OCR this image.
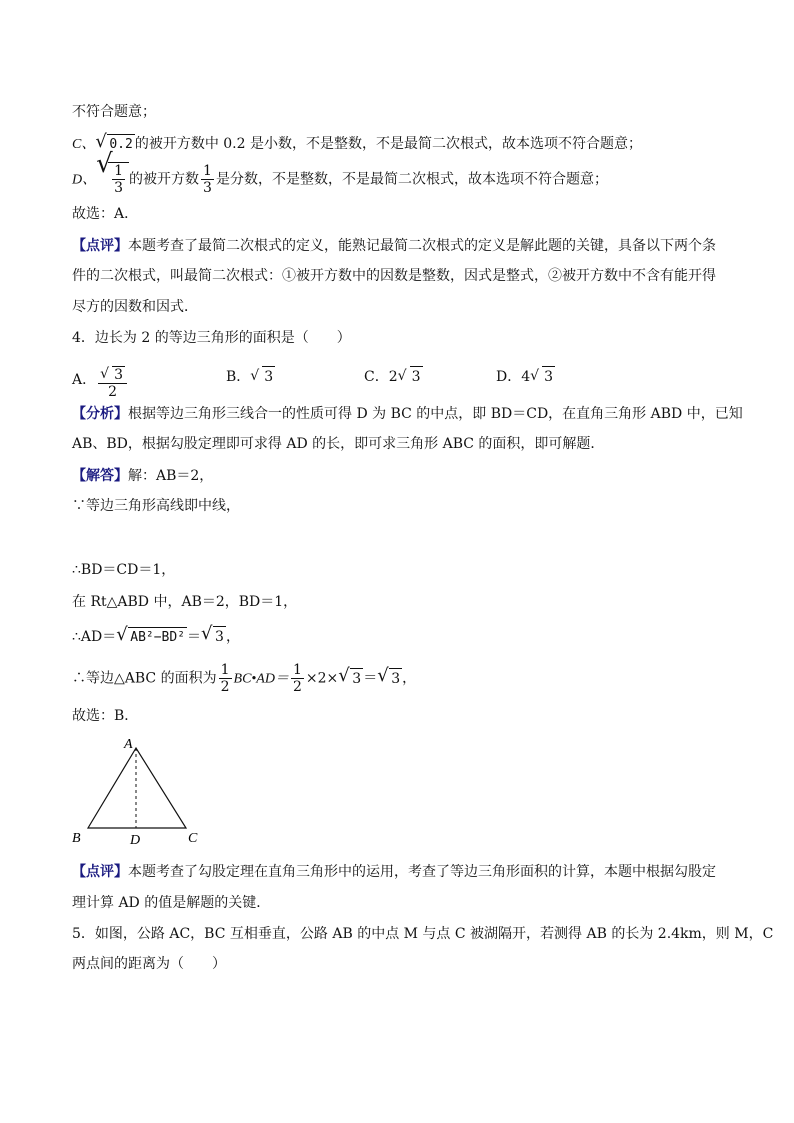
不符合题意；
C、 √ 0.2 的被开方数中 0.2 是小数，不是整数，不是最简二次根式，故本选项不符合题意；
D、
√ $\frac{1}{3}$ 的被开方数 $\frac{1}{3}$ 是分数，不是整数，不是最简二次根式，故本选项不符合题意；
故选：A．
【点评】本题考查了最简二次根式的定义，能熟记最简二次根式的定义是解此题的关键，具备以下两个条
件的二次根式，叫最简二次根式：①被开方数中的因数是整数，因式是整式，②被开方数中不含有能开得
尽方的因数和因式．
4．边长为 2 的等边三角形的面积是（　　）
A． $\frac{√ 3}{2}$	B． √ 3	C．2 √ 3	D．4 √ 3
【分析】根据等边三角形三线合一的性质可得 D 为 BC 的中点，即 BD＝CD，在直角三角形 ABD 中，已知
AB、BD，根据勾股定理即可求得 AD 的长，即可求三角形 ABC 的面积，即可解题．
【解答】解：AB＝2，
∵等边三角形高线即中线，
∴BD＝CD＝1，
在 Rt△ABD 中，AB＝2，BD＝1，
∴AD＝ √ AB²−BD² ＝ √ 3 ，
∴等边△ABC 的面积为 $\frac{1}{2}$ BC•AD＝ $\frac{1}{2} \times 2\times$ √ 3 ＝ √ 3 ，
故选：B．
A
B	D	C
【点评】本题考查了勾股定理在直角三角形中的运用，考查了等边三角形面积的计算，本题中根据勾股定
理计算 AD 的值是解题的关键．
5．如图，公路 AC，BC 互相垂直，公路 AB 的中点 M 与点 C 被湖隔开，若测得 AB 的长为 2.4km，则 M，C
两点间的距离为（　　）
